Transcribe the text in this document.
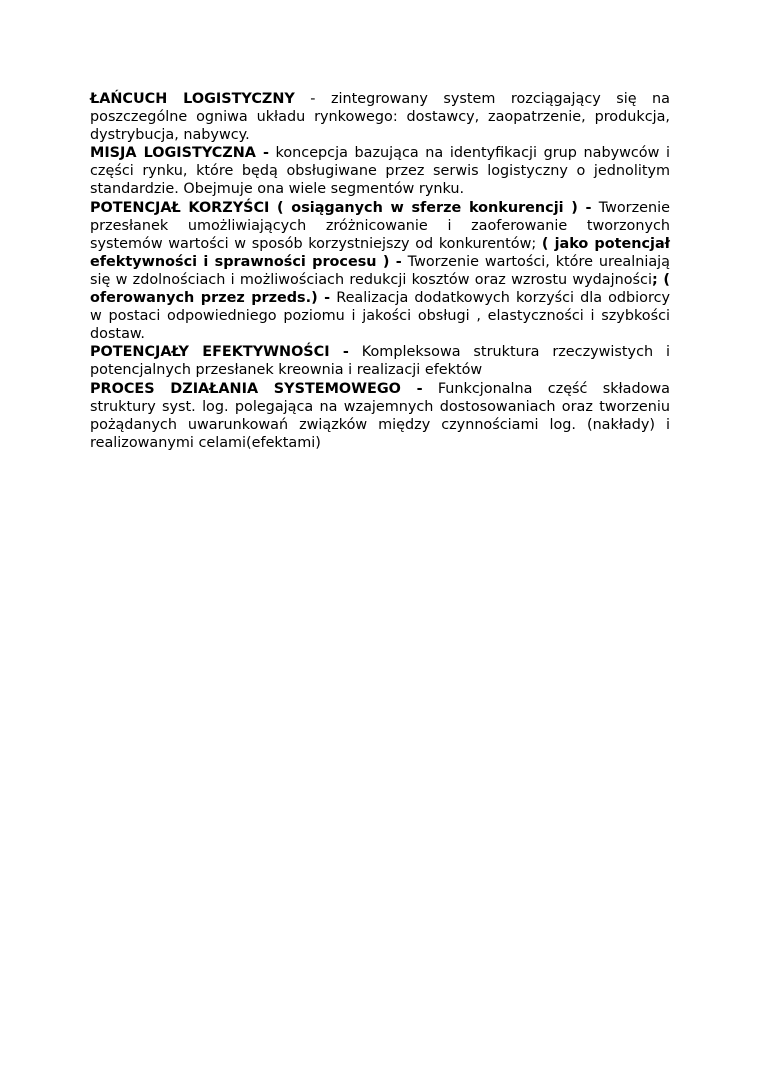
ŁAŃCUCH LOGISTYCZNY - zintegrowany system rozciągający się na poszczególne ogniwa układu rynkowego: dostawcy, zaopatrzenie, produkcja, dystrybucja, nabywcy.

MISJA LOGISTYCZNA - koncepcja bazująca na identyfikacji grup nabywców i części rynku, które będą obsługiwane przez serwis logistyczny o jednolitym standardzie. Obejmuje ona wiele segmentów rynku.

POTENCJAŁ KORZYŚCI ( osiąganych w sferze konkurencji ) - Tworzenie przesłanek umożliwiających zróżnicowanie i zaoferowanie tworzonych systemów wartości w sposób korzystniejszy od konkurentów; ( jako potencjał efektywności i sprawności procesu ) - Tworzenie wartości, które urealniają się w zdolnościach i możliwościach redukcji kosztów oraz wzrostu wydajności; ( oferowanych przez przeds.) - Realizacja dodatkowych korzyści dla odbiorcy w postaci odpowiedniego poziomu i jakości obsługi , elastyczności i szybkości dostaw.

POTENCJAŁY EFEKTYWNOŚCI - Kompleksowa struktura rzeczywistych i potencjalnych przesłanek kreownia i realizacji efektów

PROCES DZIAŁANIA SYSTEMOWEGO - Funkcjonalna część składowa struktury syst. log. polegająca na wzajemnych dostosowaniach oraz tworzeniu pożądanych uwarunkowań związków między czynnościami log. (nakłady) i realizowanymi celami(efektami)
